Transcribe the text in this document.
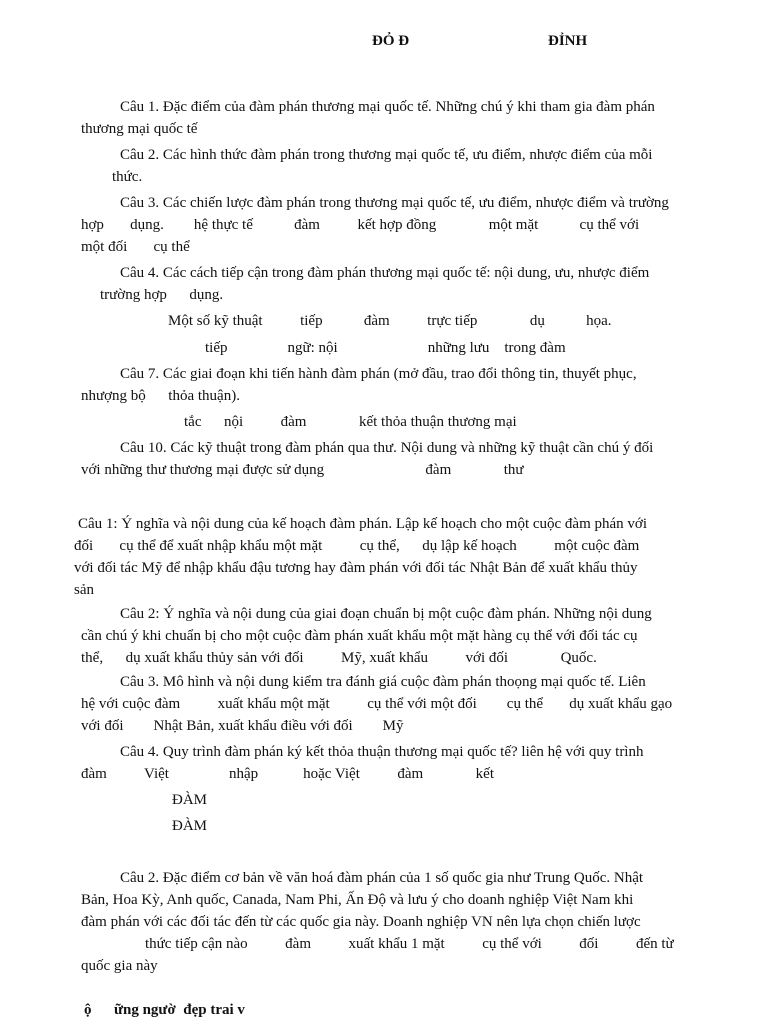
ĐỎ Đ	ĐỈNH
Câu 1. Đặc điểm của đàm phán thương mại quốc tế. Những chú ý khi tham gia đàm phán
thương mại quốc tế
Câu 2. Các hình thức đàm phán trong thương mại quốc tế, ưu điểm, nhược điểm của mỗi
thức.
Câu 3. Các chiến lược đàm phán trong thương mại quốc tế, ưu điểm, nhược điểm và trường
hợp       dụng.        hệ thực tế           đàm          kết hợp đồng              một mặt           cụ thể với
một đối       cụ thể
Câu 4. Các cách tiếp cận trong đàm phán thương mại quốc tế: nội dung, ưu, nhược điểm
trường hợp      dụng.
Một số kỹ thuật          tiếp           đàm          trực tiếp              dụ           họa.
tiếp                ngữ: nội                        những lưu    trong đàm
Câu 7. Các giai đoạn khi tiến hành đàm phán (mở đầu, trao đổi thông tin, thuyết phục,
nhượng bộ      thỏa thuận).
tắc      nội          đàm              kết thỏa thuận thương mại
Câu 10. Các kỹ thuật trong đàm phán qua thư. Nội dung và những kỹ thuật cần chú ý đối
với những thư thương mại được sử dụng                           đàm              thư
Câu 1: Ý nghĩa và nội dung của kế hoạch đàm phán. Lập kế hoạch cho một cuộc đàm phán với
đối       cụ thể để xuất nhập khẩu một mặt          cụ thể,      dụ lập kế hoạch          một cuộc đàm
với đối tác Mỹ để nhập khẩu đậu tương hay đàm phán với đối tác Nhật Bản để xuất khẩu thủy
sản
Câu 2: Ý nghĩa và nội dung của giai đoạn chuẩn bị một cuộc đàm phán. Những nội dung
cần chú ý khi chuẩn bị cho một cuộc đàm phán xuất khẩu một mặt hàng cụ thể với đối tác cụ
thể,      dụ xuất khẩu thủy sản với đối          Mỹ, xuất khẩu          với đối              Quốc.
Câu 3. Mô hình và nội dung kiểm tra đánh giá cuộc đàm phán thoọng mại quốc tế. Liên
hệ với cuộc đàm          xuất khẩu một mặt          cụ thể với một đối        cụ thể       dụ xuất khẩu gạo
với đối        Nhật Bản, xuất khẩu điều với đối        Mỹ
Câu 4. Quy trình đàm phán ký kết thỏa thuận thương mại quốc tế? liên hệ với quy trình
đàm          Việt                nhập            hoặc Việt          đàm              kết
ĐÀM
ĐÀM
Câu 2. Đặc điểm cơ bản về văn hoá đàm phán của 1 số quốc gia như Trung Quốc. Nhật
Bản, Hoa Kỳ, Anh quốc, Canada, Nam Phi, Ấn Độ và lưu ý cho doanh nghiệp Việt Nam khi
đàm phán với các đối tác đến từ các quốc gia này. Doanh nghiệp VN nên lựa chọn chiến lược
thức tiếp cận nào          đàm          xuất khẩu 1 mặt          cụ thể với          đối          đến từ
quốc gia này
ộ      ững ngườ  đẹp trai v
